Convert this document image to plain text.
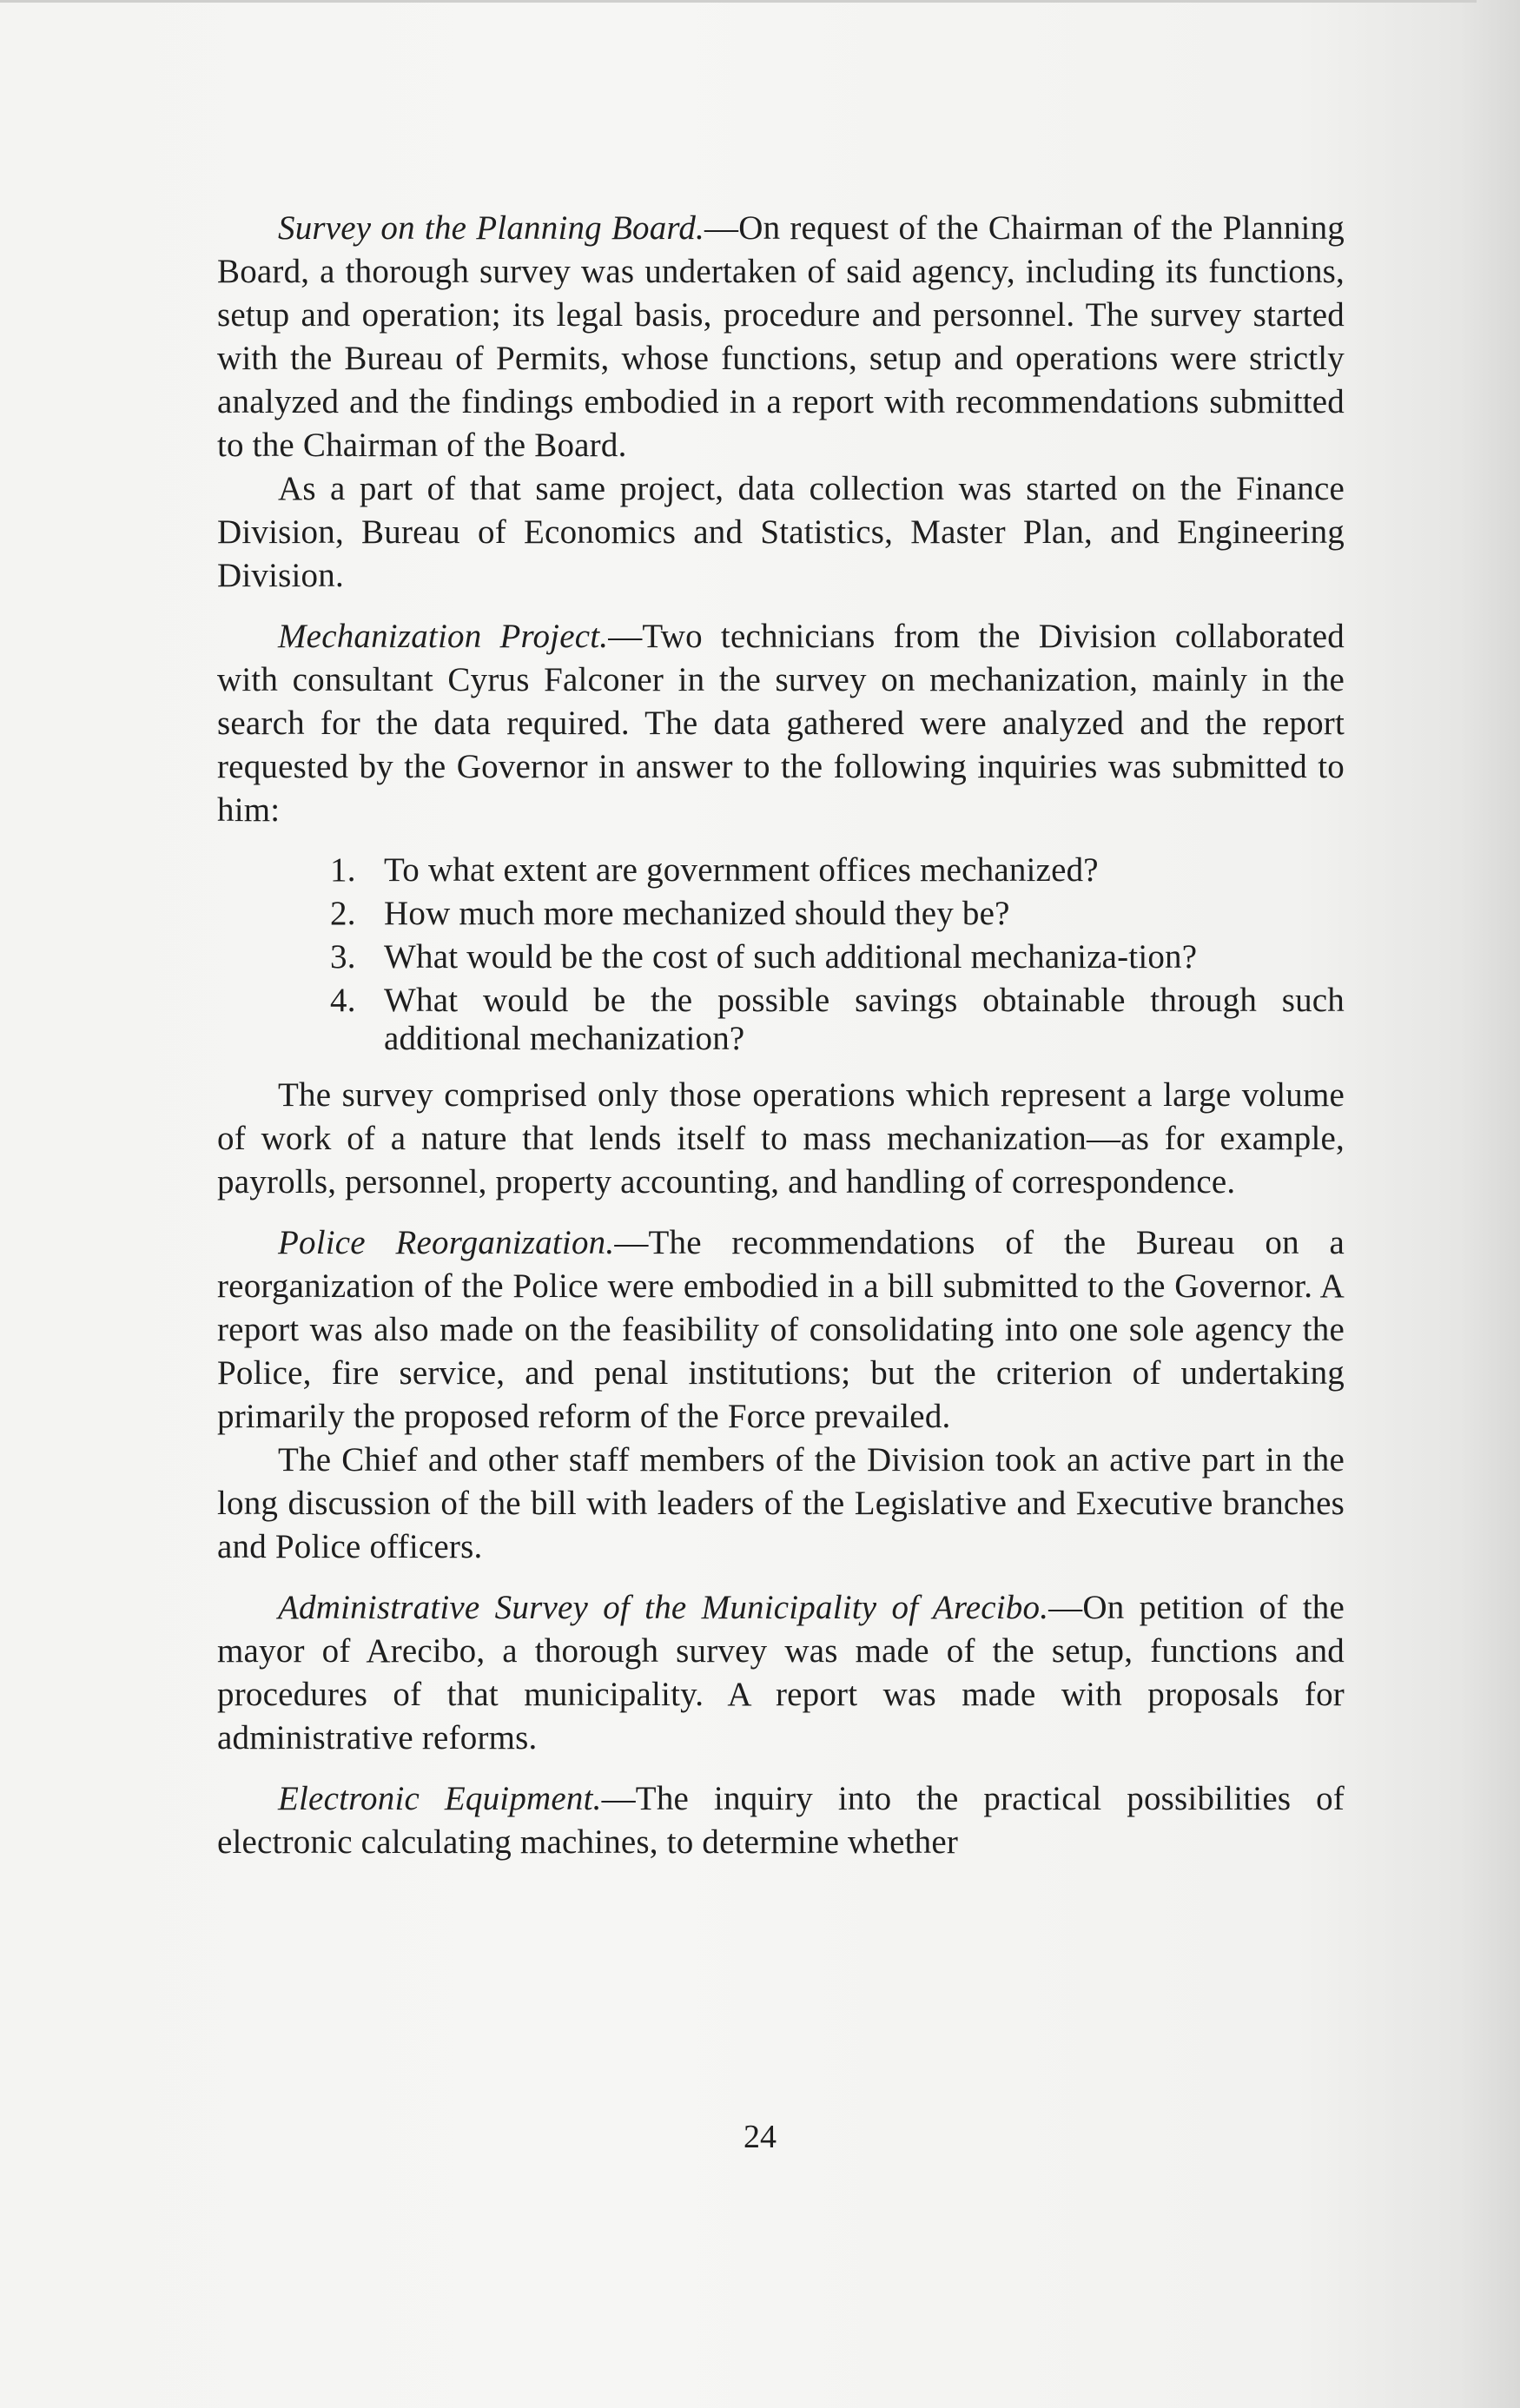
Survey on the Planning Board.—On request of the Chairman of the Planning Board, a thorough survey was undertaken of said agency, including its functions, setup and operation; its legal basis, procedure and personnel. The survey started with the Bureau of Permits, whose functions, setup and operations were strictly analyzed and the findings embodied in a report with recommendations submitted to the Chairman of the Board.

As a part of that same project, data collection was started on the Finance Division, Bureau of Economics and Statistics, Master Plan, and Engineering Division.

Mechanization Project.—Two technicians from the Division collaborated with consultant Cyrus Falconer in the survey on mechanization, mainly in the search for the data required. The data gathered were analyzed and the report requested by the Governor in answer to the following inquiries was submitted to him:

1. To what extent are government offices mechanized?
2. How much more mechanized should they be?
3. What would be the cost of such additional mechaniza-tion?
4. What would be the possible savings obtainable through such additional mechanization?

The survey comprised only those operations which represent a large volume of work of a nature that lends itself to mass mechanization—as for example, payrolls, personnel, property accounting, and handling of correspondence.

Police Reorganization.—The recommendations of the Bureau on a reorganization of the Police were embodied in a bill submitted to the Governor. A report was also made on the feasibility of consolidating into one sole agency the Police, fire service, and penal institutions; but the criterion of undertaking primarily the proposed reform of the Force prevailed.

The Chief and other staff members of the Division took an active part in the long discussion of the bill with leaders of the Legislative and Executive branches and Police officers.

Administrative Survey of the Municipality of Arecibo.—On petition of the mayor of Arecibo, a thorough survey was made of the setup, functions and procedures of that municipality. A report was made with proposals for administrative reforms.

Electronic Equipment.—The inquiry into the practical possibilities of electronic calculating machines, to determine whether

24
